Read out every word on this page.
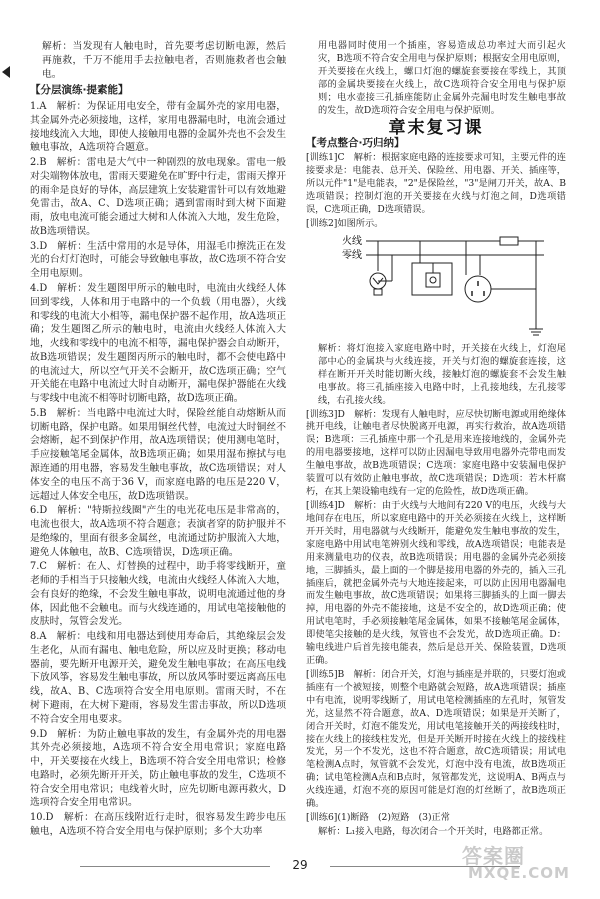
解析：当发现有人触电时，首先要考虑切断电源，然后再施救，千万不能用手去拉触电者，否则施救者也会触电。

【分层演练·提素能】

1.A　解析：为保证用电安全，带有金属外壳的家用电器，其金属外壳必须接地，这样，家用电器漏电时，电流会通过接地线流入大地，即使人接触用电器的金属外壳也不会发生触电事故，A选项符合题意。

2.B　解析：雷电是大气中一种剧烈的放电现象。雷电一般对尖端物体放电，雷雨天要避免在旷野中行走，雷雨天撑开的雨伞是良好的导体，高层建筑上安装避雷针可以有效地避免雷击，故A、C、D选项正确；遇到雷雨时到大树下面避雨，放电电流可能会通过大树和人体流入大地，发生危险，故B选项错误。

3.D　解析：生活中常用的水是导体，用湿毛巾擦洗正在发光的台灯灯泡时，可能会导致触电事故，故C选项不符合安全用电原则。

4.D　解析：发生题图甲所示的触电时，电流由火线经人体回到零线，人体和用于电路中的一个负载（用电器），火线和零线的电流大小相等，漏电保护器不起作用，故A选项正确；发生题图乙所示的触电时，电流由火线经人体流入大地，火线和零线中的电流不相等，漏电保护器会自动断开，故B选项错误；发生题图丙所示的触电时，都不会使电路中的电流过大，所以空气开关不会断开，故C选项正确；空气开关能在电路中电流过大时自动断开，漏电保护器能在火线与零线中电流不相等时切断电路，故D选项正确。

5.B　解析：当电路中电流过大时，保险丝能自动熔断从而切断电路，保护电路。如果用铜丝代替，电流过大时铜丝不会熔断，起不到保护作用，故A选项错误；使用测电笔时，手应接触笔尾金属体，故B选项正确；如果用湿布擦拭与电源连通的用电器，容易发生触电事故，故C选项错误；对人体安全的电压不高于36 V，而家庭电路的电压是220 V，远超过人体安全电压，故D选项错误。

6.D　解析："特斯拉线圈"产生的电光花电压是非常高的，电流也很大，故A选项不符合题意；表演者穿的防护服并不是绝缘的，里面有很多金属丝，电流通过防护服流入大地，避免人体触电，故B、C选项错误，D选项正确。

7.C　解析：在人、灯替换的过程中，助手将零线断开，童老师的手相当于只接触火线，电流由火线经人体流入大地，会有良好的绝缘，不会发生触电事故，说明电流通过他的身体，因此他不会触电。而与火线连通的，用试电笔接触他的皮肤时，氖管会发光。

8.A　解析：电线和用电器达到使用寿命后，其绝缘层会发生老化，从而有漏电、触电危险，所以应及时更换；移动电器前，要先断开电源开关，避免发生触电事故；在高压电线下放风筝，容易发生触电事故，所以放风筝时要远离高压电线，故A、B、C选项符合安全用电原则。雷雨天时，不在树下避雨，在大树下避雨，容易发生雷击事故，所以D选项不符合安全用电要求。

9.D　解析：为防止触电事故的发生，有金属外壳的用电器其外壳必须接地，A选项不符合安全用电常识；家庭电路中，开关要接在火线上，B选项不符合安全用电常识；检修电路时，必须先断开开关，防止触电事故的发生，C选项不符合安全用电常识；电线着火时，应先切断电源再救火，D选项符合安全用电常识。

10.D　解析：在高压线附近行走时，很容易发生跨步电压触电，A选项不符合安全用电与保护原则；多个大功率

用电器同时使用一个插座，容易造成总功率过大而引起火灾，B选项不符合安全用电与保护原则；根据安全用电原则，开关要接在火线上，螺口灯泡的螺旋套要接在零线上，其顶部的金属块要接在火线上，故C选项符合安全用电与保护原则；电水壶接三孔插座能防止金属外壳漏电时发生触电事故的发生，故D选项符合安全用电与保护原则。

章末复习课
【考点整合·巧归纳】

[训练1]C　解析：根据家庭电路的连接要求可知，主要元件的连接要求是：电能表、总开关、保险丝、用电器、开关、插座等，所以元件"1"是电能表，"2"是保险丝，"3"是闸刀开关，故A、B选项错误；控制灯泡的开关要接在火线与灯泡之间，D选项错误，C选项正确，D选项错误。

[训练2]如图所示。

火线
零线

解析：将灯泡接入家庭电路中时，开关接在火线上，灯泡尾部中心的金属块与火线连接，开关与灯泡的螺旋套连接，这样在断开开关时能切断火线，接触灯泡的螺旋套不会发生触电事故。将三孔插座接入电路中时，上孔接地线，左孔接零线，右孔接火线。

[训练3]D　解析：发现有人触电时，应尽快切断电源或用绝缘体挑开电线，让触电者尽快脱离开电源，再实行救治，故A选项错误；B选项：三孔插座中那一个孔是用来连接地线的，金属外壳的用电器要接地，这样可以防止因漏电导致用电器外壳带电而发生触电事故，故B选项错误；C选项：家庭电路中安装漏电保护装置可以有效防止触电事故，故C选项错误；D选项：若木杆腐朽，在其上架设输电线有一定的危险性，故D选项正确。

[训练4]D　解析：由于火线与大地间有220 V的电压，火线与大地间存在电压，所以家庭电路中的开关必须接在火线上，这样断开开关时，用电器就与火线断开，能避免发生触电事故的发生，家庭电路中用试电笔辨别火线和零线，故A选项错误；电能表是用来测量电功的仪表，故B选项错误；用电器的金属外壳必须接地，三脚插头，最上面的一个脚是接用电器的外壳的，插入三孔插座后，就把金属外壳与大地连接起来，可以防止因用电器漏电而发生触电事故，故C选项错误；如果将三脚插头的上面一脚去掉，用电器的外壳不能接地，这是不安全的，故D选项正确；使用试电笔时，手必须接触笔尾金属体，如果不接触笔尾金属体，即使笔尖接触的是火线，氖管也不会发光，故D选项正确。D：输电线进户后首先接电能表，然后是总开关、保险装置，D选项正确。

[训练5]B　解析：闭合开关，灯泡与插座是并联的，只要灯泡或插座有一个被短接，则整个电路就会短路，故A选项错误；插座中有电流，说明零线断了，用试电笔检测插座的左孔时，氖管发光，这显然不符合题意，故A、D选项错误；如果是开关断了，闭合开关时，灯泡不能发光，用试电笔接触开关的两接线柱时，接在火线上的接线柱发光，但是开关断开时接在火线上的接线柱发光，另一个不发光，这也不符合题意，故C选项错误；用试电笔检测A点时，氖管就不会发光，灯泡中没有电流，故B选项正确；试电笔检测A点和B点时，氖管都发光，这说明A、B两点与火线连通，灯泡不亮的原因可能是灯泡的灯丝断了，故B选项正确。

[训练6](1)断路　(2)短路　(3)正常

解析：L₁接入电路，每次闭合一个开关时，电路都正常。

29	答案圈
MXQE.COM
